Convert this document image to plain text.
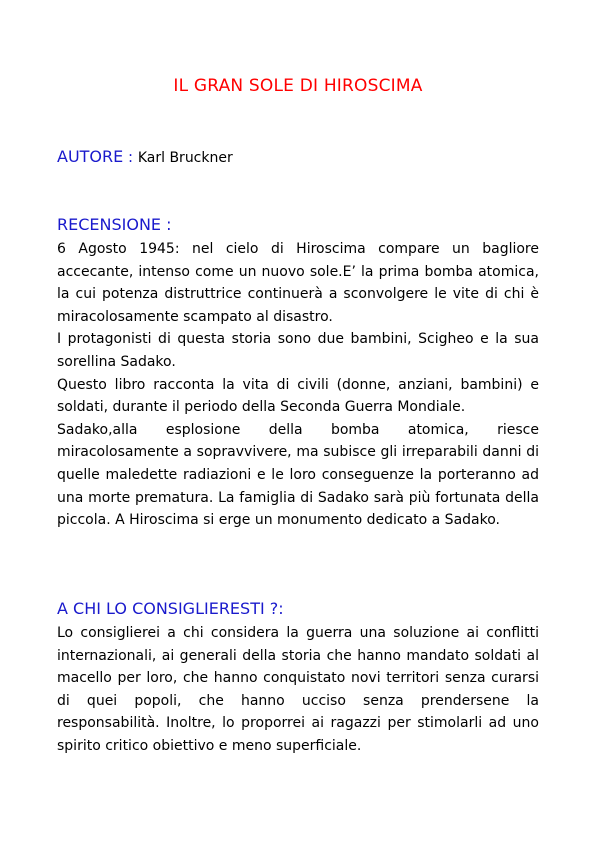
IL GRAN SOLE DI HIROSCIMA
AUTORE : Karl Bruckner
RECENSIONE :

6 Agosto 1945: nel cielo di Hiroscima compare un bagliore accecante, intenso come un nuovo sole.E’ la prima bomba atomica, la cui potenza distruttrice continuerà a sconvolgere le vite di chi è miracolosamente scampato al disastro.

I protagonisti di questa storia sono due bambini, Scigheo e la sua sorellina Sadako.

Questo libro racconta la vita di civili (donne, anziani, bambini) e soldati, durante il periodo della Seconda Guerra Mondiale.

Sadako,alla esplosione della bomba atomica, riesce miracolosamente a sopravvivere, ma subisce gli irreparabili danni di quelle maledette radiazioni e le loro conseguenze la porteranno ad una morte prematura. La famiglia di Sadako sarà più fortunata della piccola. A Hiroscima si erge un monumento dedicato a Sadako.

A CHI LO CONSIGLIERESTI ?:

Lo consiglierei a chi considera la guerra una soluzione ai conflitti internazionali, ai generali della storia che hanno mandato soldati al macello per loro, che hanno conquistato novi territori senza curarsi di quei popoli, che hanno ucciso senza prendersene la responsabilità. Inoltre, lo proporrei ai ragazzi per stimolarli ad uno spirito critico obiettivo e meno superficiale.
